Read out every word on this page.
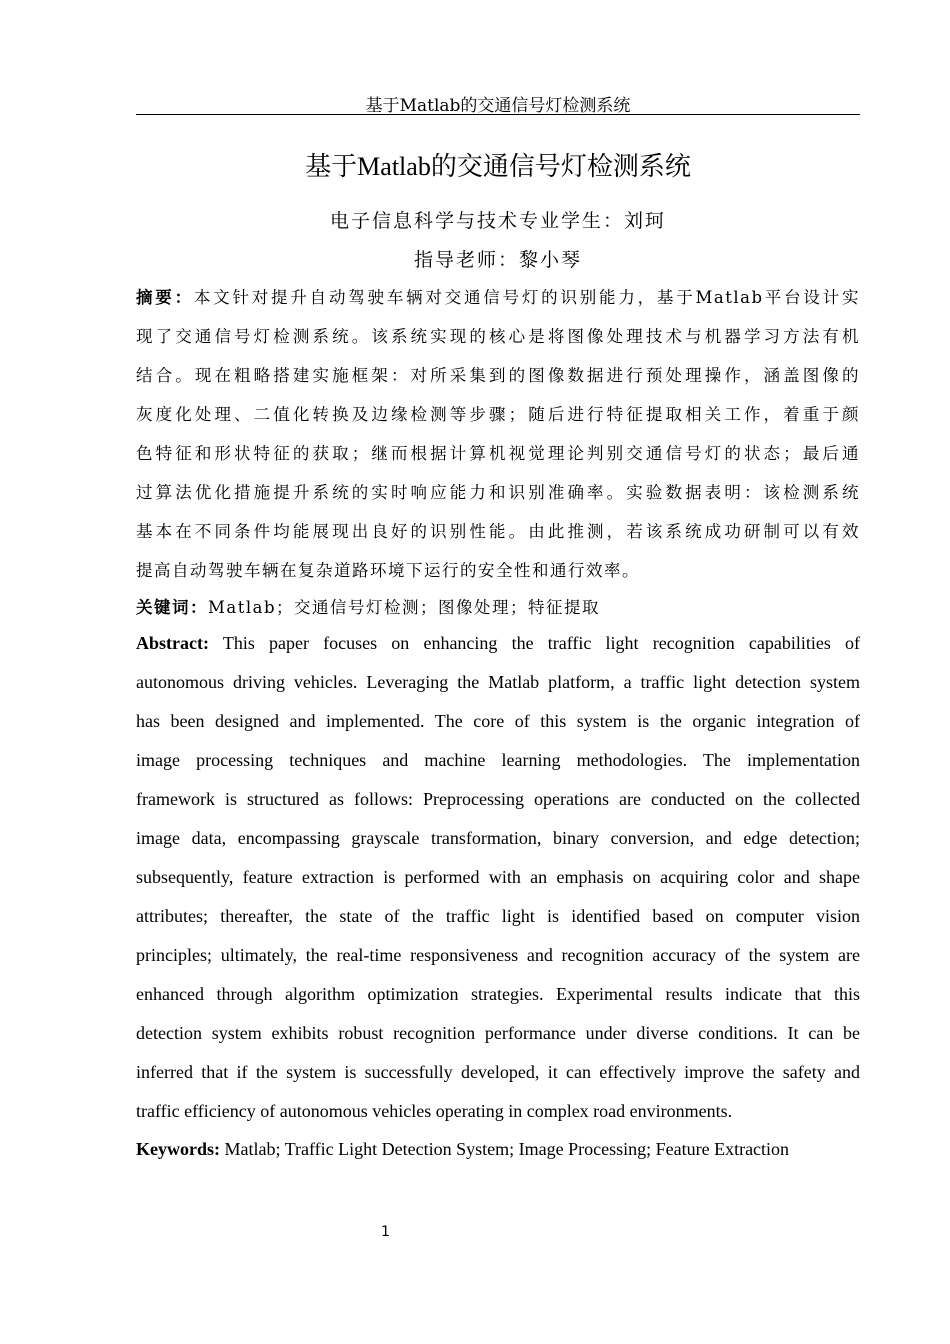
基于Matlab的交通信号灯检测系统
基于Matlab的交通信号灯检测系统
电子信息科学与技术专业学生：刘珂
指导老师：黎小琴
摘要：本文针对提升自动驾驶车辆对交通信号灯的识别能力，基于Matlab平台设计实
现了交通信号灯检测系统。该系统实现的核心是将图像处理技术与机器学习方法有机
结合。现在粗略搭建实施框架：对所采集到的图像数据进行预处理操作，涵盖图像的
灰度化处理、二值化转换及边缘检测等步骤；随后进行特征提取相关工作，着重于颜
色特征和形状特征的获取；继而根据计算机视觉理论判别交通信号灯的状态；最后通
过算法优化措施提升系统的实时响应能力和识别准确率。实验数据表明：该检测系统
基本在不同条件均能展现出良好的识别性能。由此推测，若该系统成功研制可以有效
提高自动驾驶车辆在复杂道路环境下运行的安全性和通行效率。
关键词：Matlab；交通信号灯检测；图像处理；特征提取
Abstract: This paper focuses on enhancing the traffic light recognition capabilities of
autonomous driving vehicles. Leveraging the Matlab platform, a traffic light detection system
has been designed and implemented. The core of this system is the organic integration of
image processing techniques and machine learning methodologies. The implementation
framework is structured as follows: Preprocessing operations are conducted on the collected
image data, encompassing grayscale transformation, binary conversion, and edge detection;
subsequently, feature extraction is performed with an emphasis on acquiring color and shape
attributes; thereafter, the state of the traffic light is identified based on computer vision
principles; ultimately, the real-time responsiveness and recognition accuracy of the system are
enhanced through algorithm optimization strategies. Experimental results indicate that this
detection system exhibits robust recognition performance under diverse conditions. It can be
inferred that if the system is successfully developed, it can effectively improve the safety and
traffic efficiency of autonomous vehicles operating in complex road environments.
Keywords: Matlab; Traffic Light Detection System; Image Processing; Feature Extraction
1
